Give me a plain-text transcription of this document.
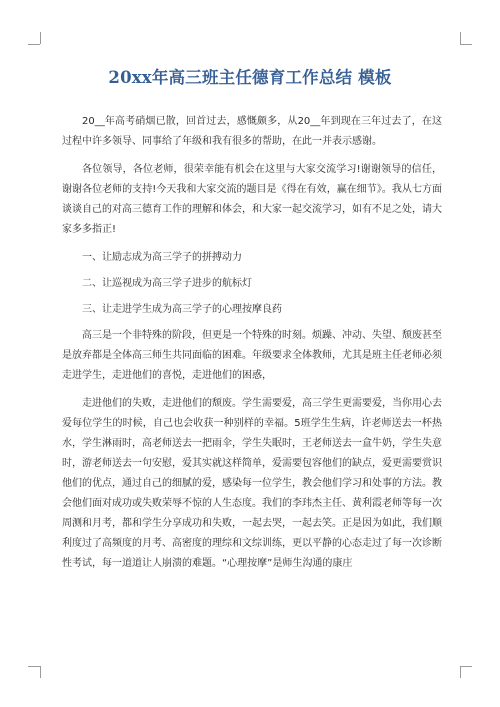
20xx年高三班主任德育工作总结 模板

20__年高考硝烟已散，回首过去，感慨颇多，从20__年到现在三年过去了，在这过程中许多领导、同事给了年级和我有很多的帮助，在此一并表示感谢。

各位领导，各位老师，很荣幸能有机会在这里与大家交流学习!谢谢领导的信任，谢谢各位老师的支持!今天我和大家交流的题目是《得在有效，赢在细节》。我从七方面谈谈自己的对高三德育工作的理解和体会，和大家一起交流学习，如有不足之处，请大家多多指正!

一、让励志成为高三学子的拼搏动力

二、让巡视成为高三学子进步的航标灯

三、让走进学生成为高三学子的心理按摩良药

高三是一个非特殊的阶段，但更是一个特殊的时刻。烦躁、冲动、失望、颓废甚至是放弃都是全体高三师生共同面临的困难。年级要求全体教师，尤其是班主任老师必须走进学生，走进他们的喜悦，走进他们的困惑，

走进他们的失败，走进他们的颓废。学生需要爱，高三学生更需要爱，当你用心去爱每位学生的时候，自己也会收获一种别样的幸福。5班学生生病，许老师送去一杯热水，学生淋雨时，高老师送去一把雨伞，学生失眠时，王老师送去一盒牛奶，学生失意时，游老师送去一句安慰，爱其实就这样简单，爱需要包容他们的缺点，爱更需要赏识他们的优点，通过自己的细腻的爱，感染每一位学生，教会他们学习和处事的方法。教会他们面对成功或失败荣辱不惊的人生态度。我们的李玮杰主任、黄利霞老师等每一次周测和月考，都和学生分享成功和失败，一起去哭，一起去笑。正是因为如此，我们顺利度过了高频度的月考、高密度的理综和文综训练，更以平静的心态走过了每一次诊断性考试，每一道道让人崩溃的难题。“心理按摩”是师生沟通的康庄
